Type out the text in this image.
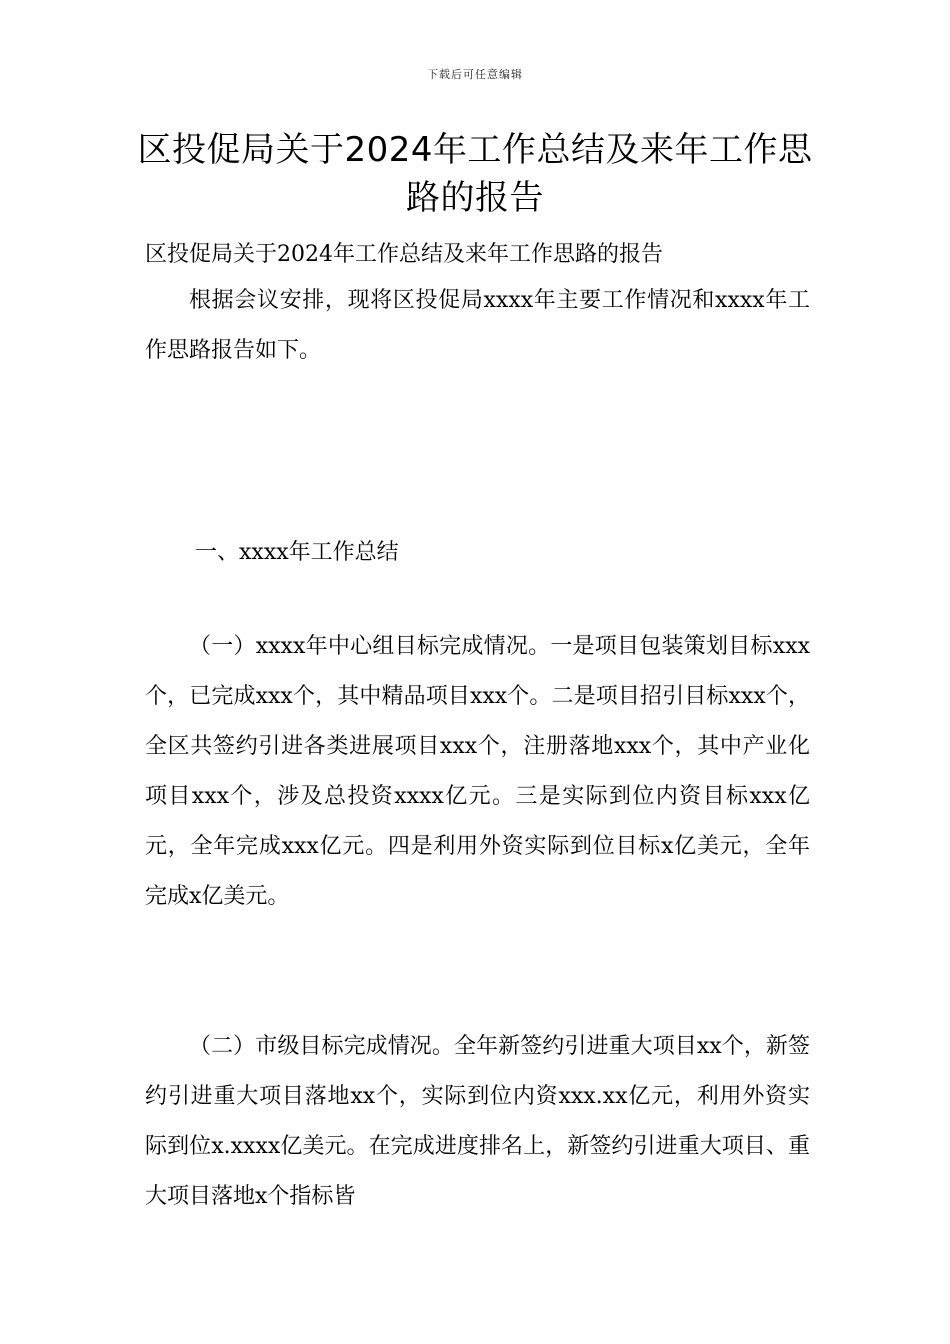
下载后可任意编辑
区投促局关于2024年工作总结及来年工作思路的报告
区投促局关于2024年工作总结及来年工作思路的报告
根据会议安排，现将区投促局xxxx年主要工作情况和xxxx年工作思路报告如下。
一、xxxx年工作总结
（一）xxxx年中心组目标完成情况。一是项目包装策划目标xxx个，已完成xxx个，其中精品项目xxx个。二是项目招引目标xxx个，全区共签约引进各类进展项目xxx个，注册落地xxx个，其中产业化项目xxx个，涉及总投资xxxx亿元。三是实际到位内资目标xxx亿元，全年完成xxx亿元。四是利用外资实际到位目标x亿美元，全年完成x亿美元。
（二）市级目标完成情况。全年新签约引进重大项目xx个，新签约引进重大项目落地xx个，实际到位内资xxx.xx亿元，利用外资实际到位x.xxxx亿美元。在完成进度排名上，新签约引进重大项目、重大项目落地x个指标皆
